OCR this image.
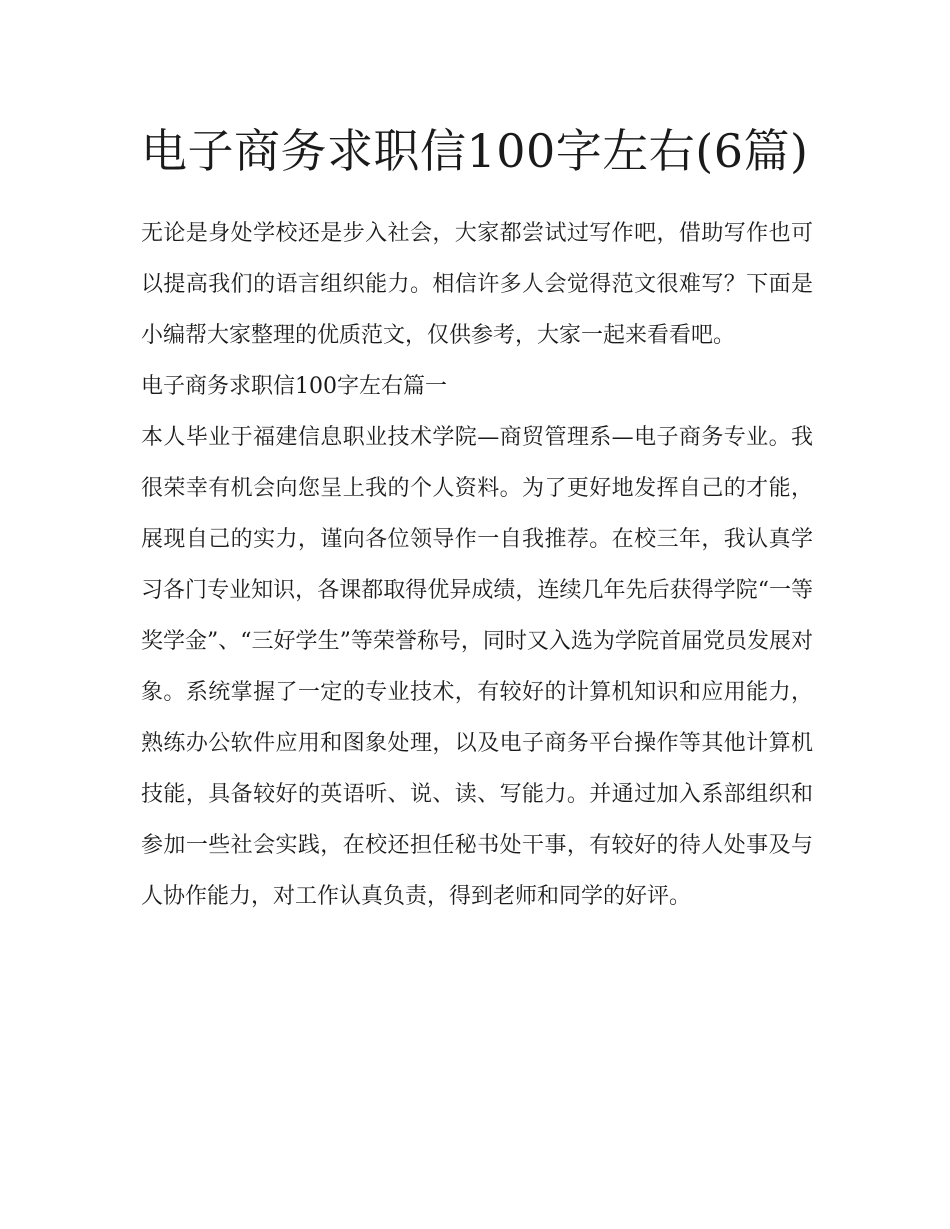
电子商务求职信100字左右(6篇)

无论是身处学校还是步入社会，大家都尝试过写作吧，借助写作也可以提高我们的语言组织能力。相信许多人会觉得范文很难写？下面是小编帮大家整理的优质范文，仅供参考，大家一起来看看吧。

电子商务求职信100字左右篇一

本人毕业于福建信息职业技术学院—商贸管理系—电子商务专业。我很荣幸有机会向您呈上我的个人资料。为了更好地发挥自己的才能，展现自己的实力，谨向各位领导作一自我推荐。在校三年，我认真学习各门专业知识，各课都取得优异成绩，连续几年先后获得学院“一等奖学金”、“三好学生”等荣誉称号，同时又入选为学院首届党员发展对象。系统掌握了一定的专业技术，有较好的计算机知识和应用能力，熟练办公软件应用和图象处理，以及电子商务平台操作等其他计算机技能，具备较好的英语听、说、读、写能力。并通过加入系部组织和参加一些社会实践，在校还担任秘书处干事，有较好的待人处事及与人协作能力，对工作认真负责，得到老师和同学的好评。
